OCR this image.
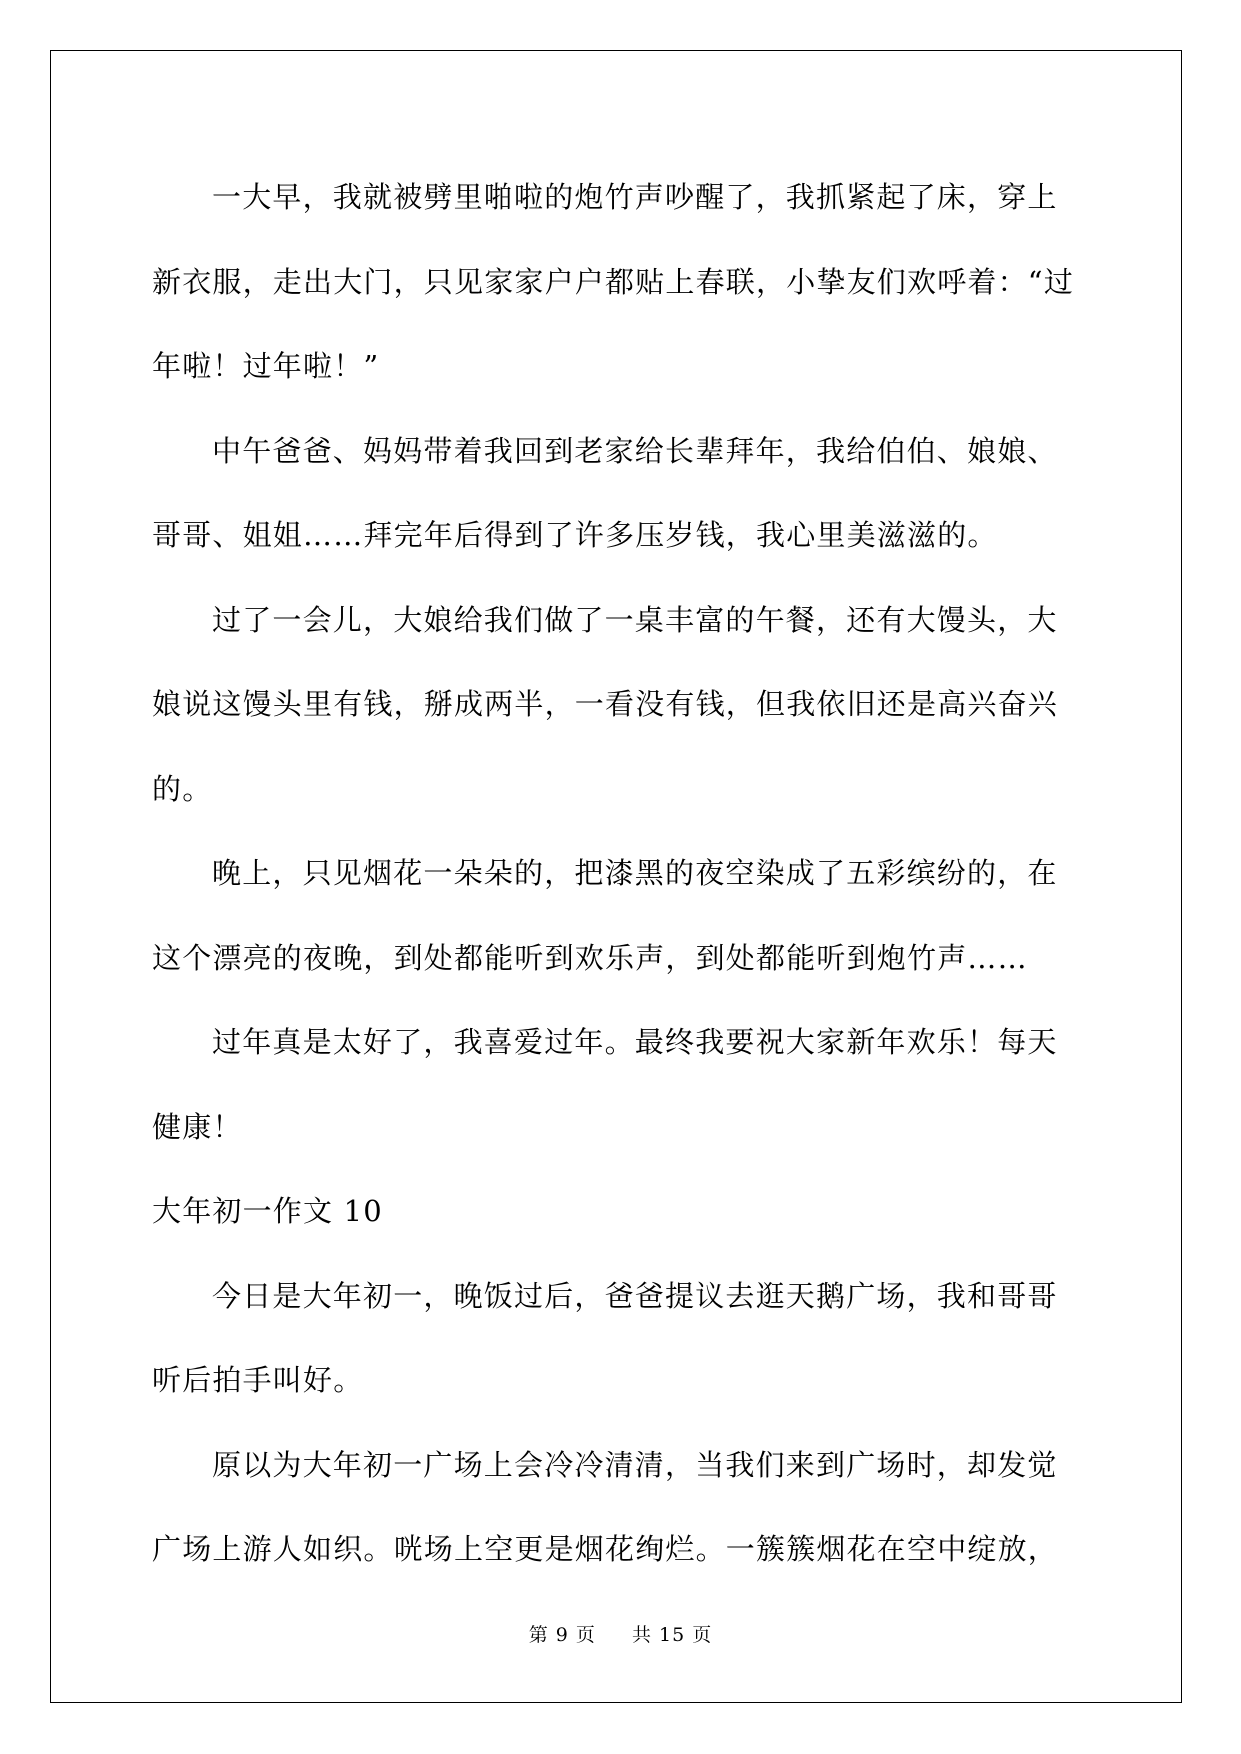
一大早，我就被劈里啪啦的炮竹声吵醒了，我抓紧起了床，穿上
新衣服，走出大门，只见家家户户都贴上春联，小挚友们欢呼着：“过
年啦！过年啦！”
中午爸爸、妈妈带着我回到老家给长辈拜年，我给伯伯、娘娘、
哥哥、姐姐……拜完年后得到了许多压岁钱，我心里美滋滋的。
过了一会儿，大娘给我们做了一桌丰富的午餐，还有大馒头，大
娘说这馒头里有钱，掰成两半，一看没有钱，但我依旧还是高兴奋兴
的。
晚上，只见烟花一朵朵的，把漆黑的夜空染成了五彩缤纷的，在
这个漂亮的夜晚，到处都能听到欢乐声，到处都能听到炮竹声……
过年真是太好了，我喜爱过年。最终我要祝大家新年欢乐！每天
健康！
大年初一作文 10
今日是大年初一，晚饭过后，爸爸提议去逛天鹅广场，我和哥哥
听后拍手叫好。
原以为大年初一广场上会冷冷清清，当我们来到广场时，却发觉
广场上游人如织。咣场上空更是烟花绚烂。一簇簇烟花在空中绽放，
第 9 页 共 15 页
